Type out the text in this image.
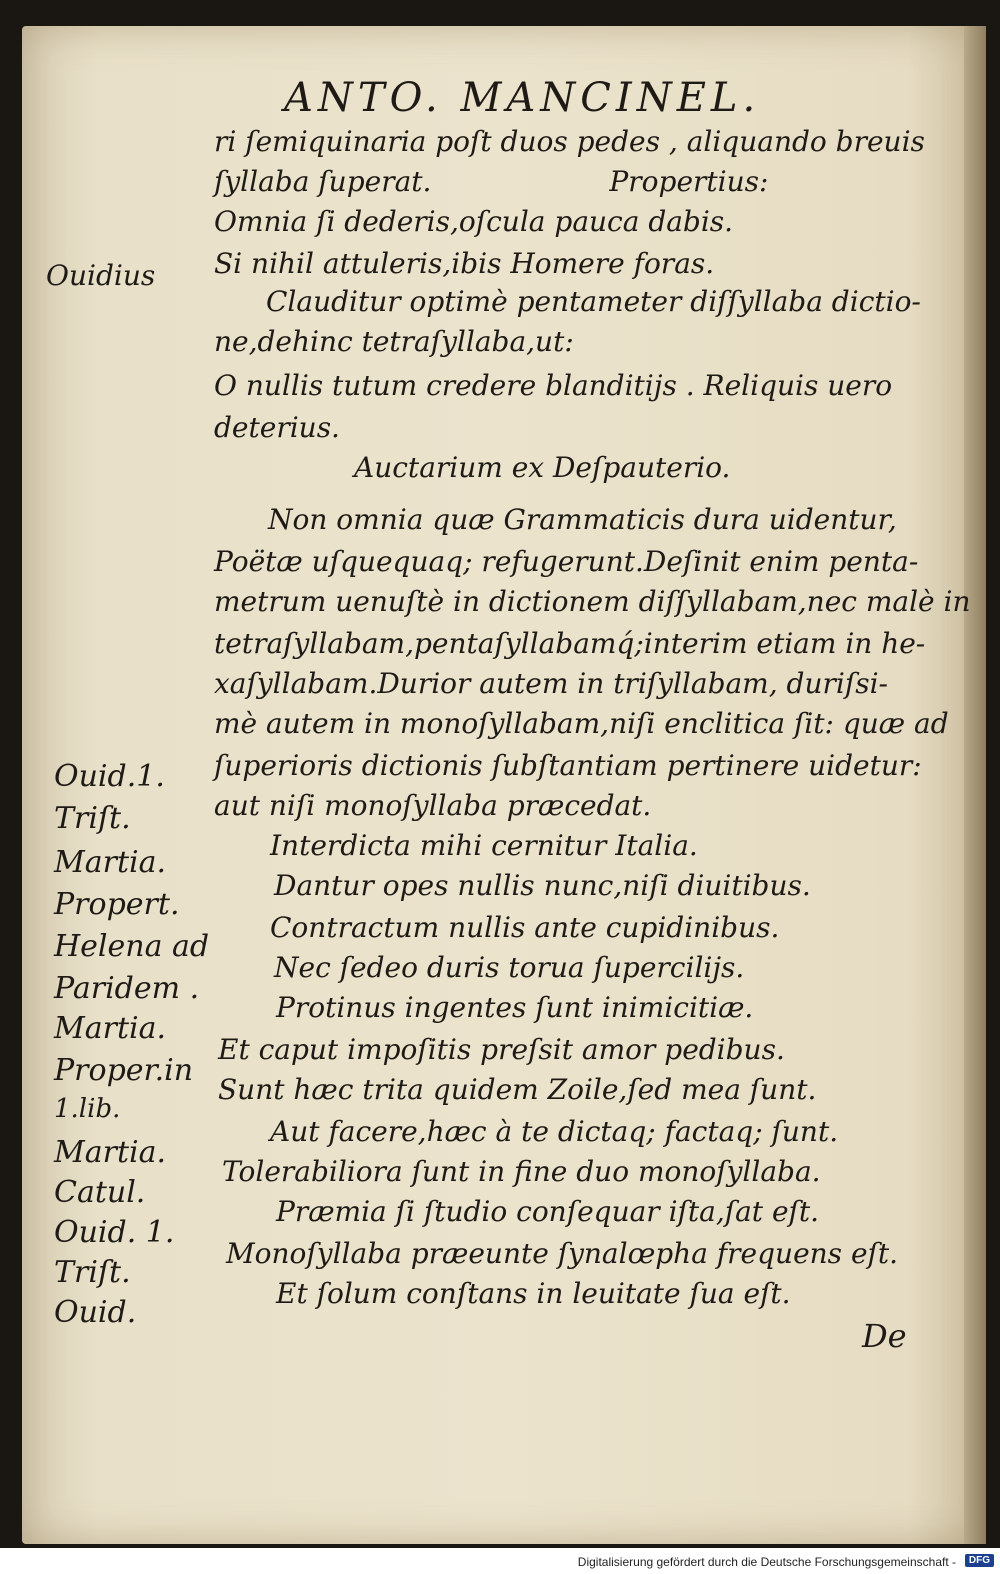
ANTO. MANCINEL.
ri ſemiquinaria poſt duos pedes , aliquando breuis
ſyllaba ſuperat.                    Propertius:
Omnia ſi dederis,oſcula pauca dabis.
Si nihil attuleris,ibis Homere foras.
Clauditur optimè pentameter diſſyllaba dictio-
ne,dehinc tetraſyllaba,ut:
O nullis tutum credere blanditijs . Reliquis uero
deterius.
Auctarium ex Deſpauterio.
Non omnia quæ Grammaticis dura uidentur,
Poëtæ uſquequaq; refugerunt.Deſinit enim penta-
metrum uenuſtè in dictionem diſſyllabam,nec malè in
tetraſyllabam,pentaſyllabamq́;interim etiam in he-
xaſyllabam.Durior autem in triſyllabam, duriſsi-
mè autem in monoſyllabam,niſi enclitica ſit: quæ ad
ſuperioris dictionis ſubſtantiam pertinere uidetur:
aut niſi monoſyllaba præcedat.
Interdicta mihi cernitur Italia.
Dantur opes nullis nunc,niſi diuitibus.
Contractum nullis ante cupidinibus.
Nec ſedeo duris torua ſupercilijs.
Protinus ingentes ſunt inimicitiæ.
Et caput impoſitis preſsit amor pedibus.
Sunt hæc trita quidem Zoile,ſed mea ſunt.
Aut facere,hæc à te dictaq; factaq; ſunt.
Tolerabiliora ſunt in fine duo monoſyllaba.
Præmia ſi ſtudio conſequar iſta,ſat eſt.
Monoſyllaba præeunte ſynalœpha frequens eſt.
Et ſolum conſtans in leuitate ſua eſt.
Ouidius
Ouid.1.
Triſt.
Martia.
Propert.
Helena ad
Paridem .
Martia.
Proper.in
1.lib.
Martia.
Catul.
Ouid. 1.
Triſt.
Ouid.
De
Digitalisierung gefördert durch die Deutsche Forschungsgemeinschaft -	DFG
